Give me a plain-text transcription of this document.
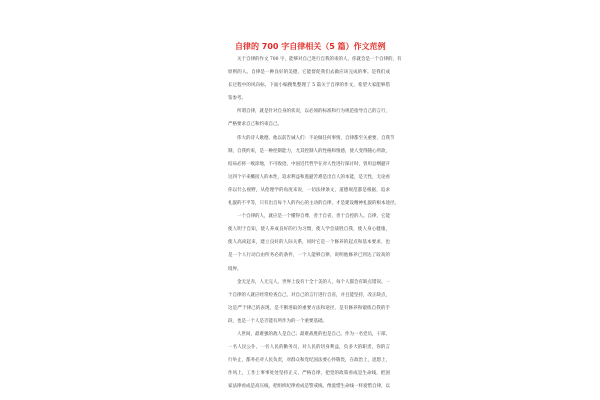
自律的 700 字自律相关（5 篇）作文范例
关于自律的作文 700 字，能够对自己进行自我的束的人，你就会是一个自律的，有
原则的人。自律是一种良好的美德，它能督促我们去做应该完成的事。是我们成
长过程中的风向标，下面小编搜集整理了 5 篇关于自律的作文，希望大家能够借
鉴参考。
所谓自律，就是针对自身的状况，以必须的标准和行为规范指导自己的言行，
严格要求自己和约束自己。
伟大的诗人歌德，他以前告诫人们：不论做任何事情，自律都至关重要，自我节
制，自我约束，是一种控制能力，尤其控制人的性格和情感，使人变得随心所欲，
结局必将一败涂地，不可收拾。中国近代哲学在对人性进行探讨时，曾用总纲避开
这四个字来概括人的本性，追求利益和逃避苦难是出自人的本能，是天性，无论看
你以什么视野，从伦理学的角度来说，一切法律条文，道德规范都是根据，追求
礼貌的不平等，只有出自每个人的内心的主动的自律，才是建设精神礼貌的根本途径。
一个自律的人，就应是一个懂得自尊，善于自省，善于自控的人。自律，它能
使人明于自知，使人养成良好的行为习惯，使人学会战胜自我，使人身心健康，
使人高尚起来，建立良好的人际关系，同时它是一个修养的起点和基本要求，也
是一个人行动自由所务必的条件，一个人能够自律，说明他修养已到达了较高的
境界。
金无足赤，人无完人，世界上没有十全十美的人，每个人都会有缺点错误。一
个自律的人就应经常检查自己，对自己的言行进行自省，并且能坚持，改正缺点，
这是严于律己的表现，是不断进取的重要方法和途径，是有修养和锻炼自我的手
段，也是一个人是否能有所作为的一个重要基础。
人世间，最难强的敌人是自己；最难战胜的也是自己。作为一名党员，干部，
一名人民公仆，一名人民的勤务员，对人民的切身利益，负多大的职责，你的言
行举止，都务必对人民负责，对群众和党纪国法要心怀敬畏，在政治上，思想上，
作风上，工作上事事处处坚持正义，严格自律，把党的政策看成是生命线，把国
家法律看成是高压线，把组织纪律看成是警戒线，像爱惜生命线一样爱惜自律，以
